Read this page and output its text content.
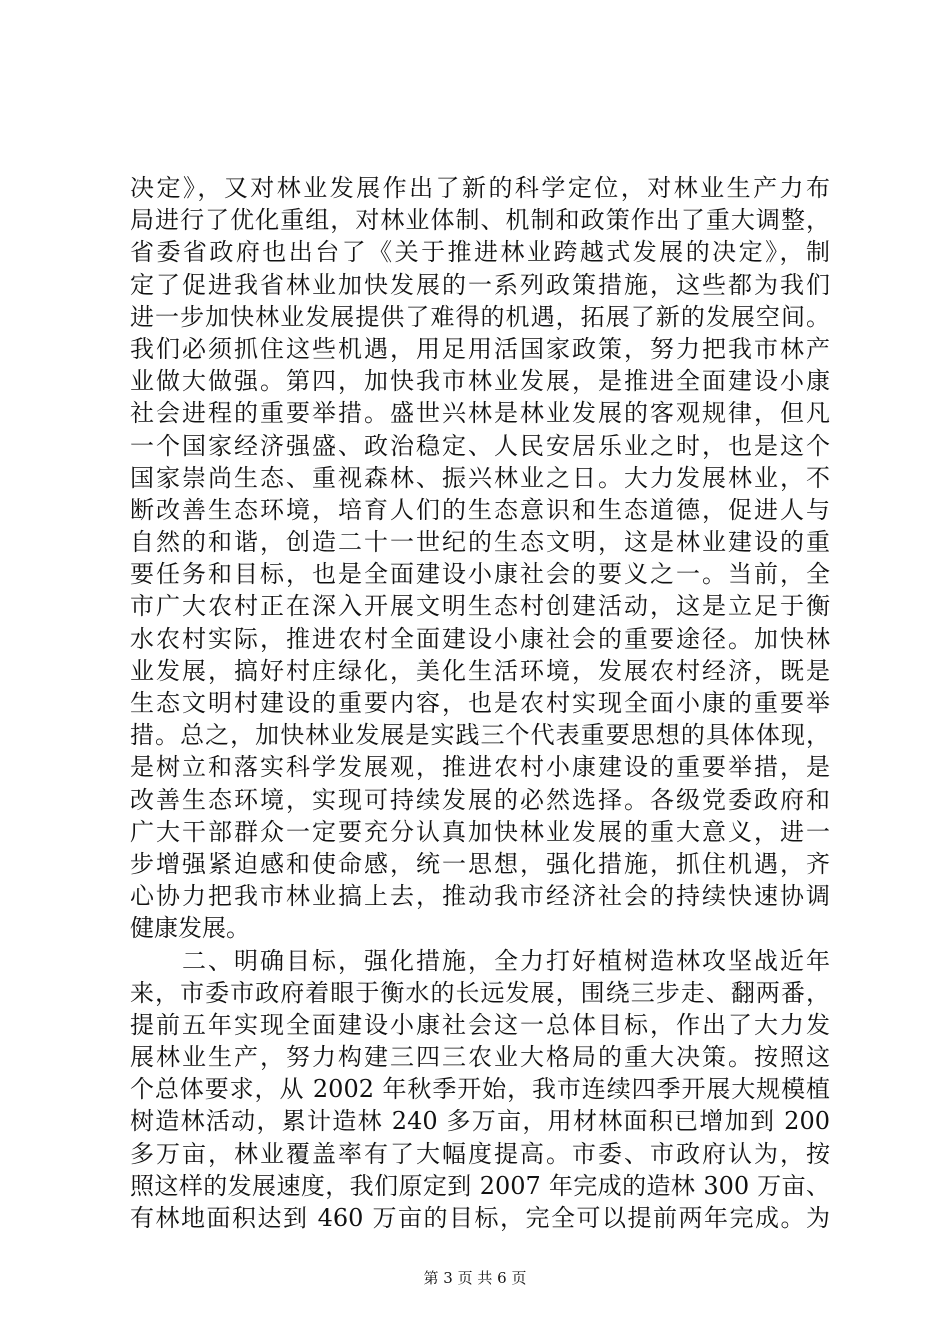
决定》，又对林业发展作出了新的科学定位，对林业生产力布
局进行了优化重组，对林业体制、机制和政策作出了重大调整，
省委省政府也出台了《关于推进林业跨越式发展的决定》，制
定了促进我省林业加快发展的一系列政策措施，这些都为我们
进一步加快林业发展提供了难得的机遇，拓展了新的发展空间。
我们必须抓住这些机遇，用足用活国家政策，努力把我市林产
业做大做强。第四，加快我市林业发展，是推进全面建设小康
社会进程的重要举措。盛世兴林是林业发展的客观规律，但凡
一个国家经济强盛、政治稳定、人民安居乐业之时，也是这个
国家崇尚生态、重视森林、振兴林业之日。大力发展林业，不
断改善生态环境，培育人们的生态意识和生态道德，促进人与
自然的和谐，创造二十一世纪的生态文明，这是林业建设的重
要任务和目标，也是全面建设小康社会的要义之一。当前，全
市广大农村正在深入开展文明生态村创建活动，这是立足于衡
水农村实际，推进农村全面建设小康社会的重要途径。加快林
业发展，搞好村庄绿化，美化生活环境，发展农村经济，既是
生态文明村建设的重要内容，也是农村实现全面小康的重要举
措。总之，加快林业发展是实践三个代表重要思想的具体体现，
是树立和落实科学发展观，推进农村小康建设的重要举措，是
改善生态环境，实现可持续发展的必然选择。各级党委政府和
广大干部群众一定要充分认真加快林业发展的重大意义，进一
步增强紧迫感和使命感，统一思想，强化措施，抓住机遇，齐
心协力把我市林业搞上去，推动我市经济社会的持续快速协调
健康发展。
　　二、明确目标，强化措施，全力打好植树造林攻坚战近年
来，市委市政府着眼于衡水的长远发展，围绕三步走、翻两番，
提前五年实现全面建设小康社会这一总体目标，作出了大力发
展林业生产，努力构建三四三农业大格局的重大决策。按照这
个总体要求，从 2002 年秋季开始，我市连续四季开展大规模植
树造林活动，累计造林 240 多万亩，用材林面积已增加到 200
多万亩，林业覆盖率有了大幅度提高。市委、市政府认为，按
照这样的发展速度，我们原定到 2007 年完成的造林 300 万亩、
有林地面积达到 460 万亩的目标，完全可以提前两年完成。为
第 3 页 共 6 页
